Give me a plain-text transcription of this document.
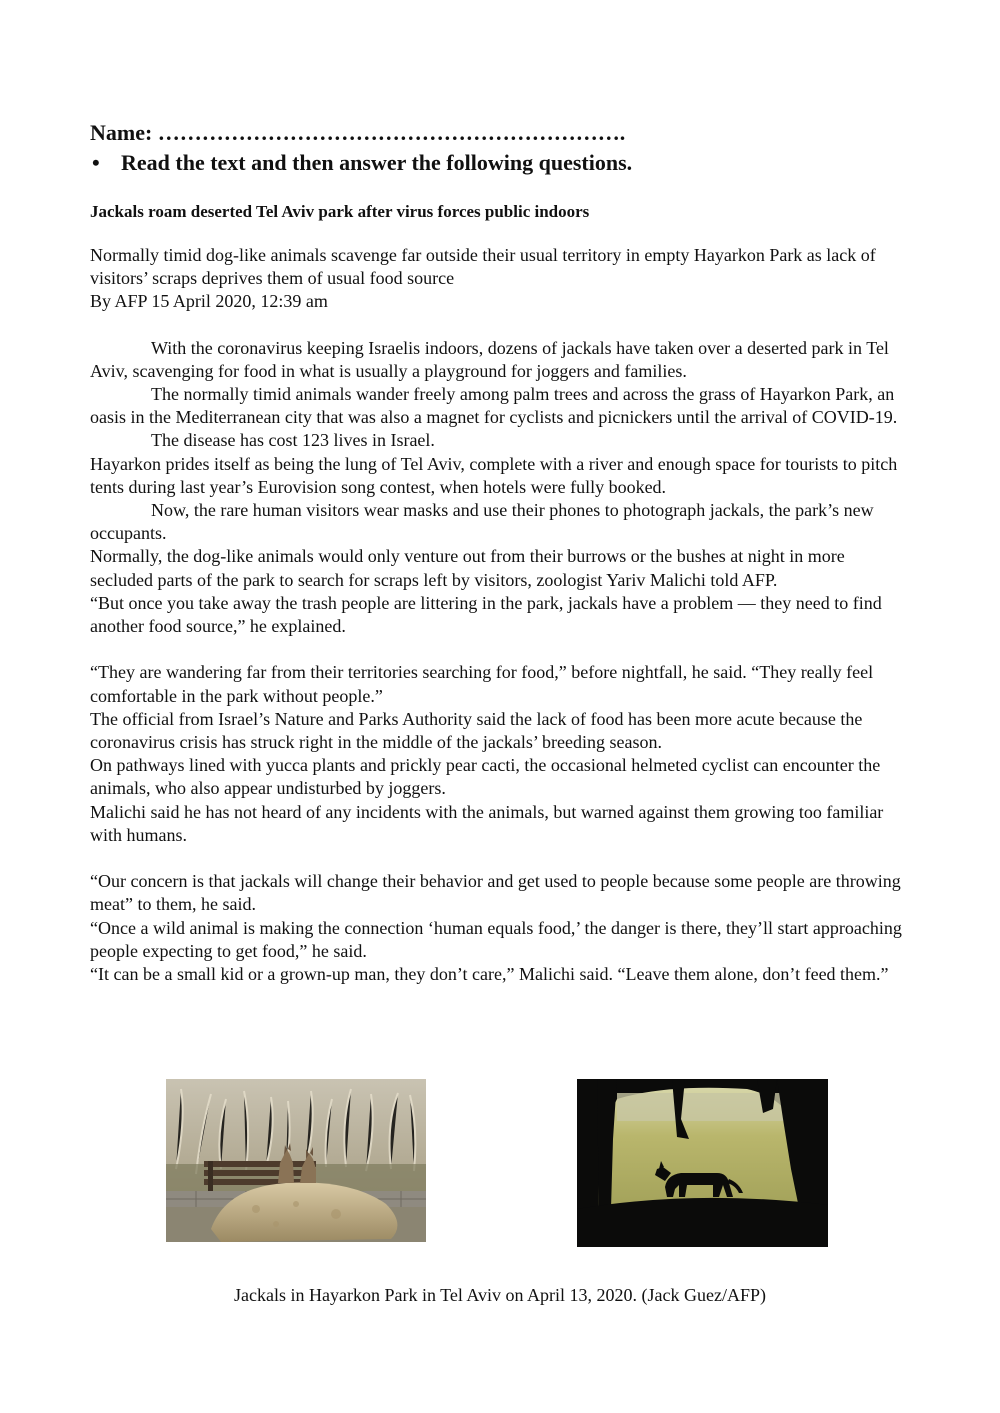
Name: ……………………………………………………….

• Read the text and then answer the following questions.

Jackals roam deserted Tel Aviv park after virus forces public indoors

Normally timid dog-like animals scavenge far outside their usual territory in empty Hayarkon Park as lack of visitors’ scraps deprives them of usual food source

By AFP 15 April 2020, 12:39 am

With the coronavirus keeping Israelis indoors, dozens of jackals have taken over a deserted park in Tel Aviv, scavenging for food in what is usually a playground for joggers and families.

The normally timid animals wander freely among palm trees and across the grass of Hayarkon Park, an oasis in the Mediterranean city that was also a magnet for cyclists and picnickers until the arrival of COVID-19.

The disease has cost 123 lives in Israel.

Hayarkon prides itself as being the lung of Tel Aviv, complete with a river and enough space for tourists to pitch tents during last year’s Eurovision song contest, when hotels were fully booked.

Now, the rare human visitors wear masks and use their phones to photograph jackals, the park’s new occupants.

Normally, the dog-like animals would only venture out from their burrows or the bushes at night in more secluded parts of the park to search for scraps left by visitors, zoologist Yariv Malichi told AFP.

“But once you take away the trash people are littering in the park, jackals have a problem — they need to find another food source,” he explained.

“They are wandering far from their territories searching for food,” before nightfall, he said. “They really feel comfortable in the park without people.”

The official from Israel’s Nature and Parks Authority said the lack of food has been more acute because the coronavirus crisis has struck right in the middle of the jackals’ breeding season.

On pathways lined with yucca plants and prickly pear cacti, the occasional helmeted cyclist can encounter the animals, who also appear undisturbed by joggers.

Malichi said he has not heard of any incidents with the animals, but warned against them growing too familiar with humans.

“Our concern is that jackals will change their behavior and get used to people because some people are throwing meat” to them, he said.

“Once a wild animal is making the connection ‘human equals food,’ the danger is there, they’ll start approaching people expecting to get food,” he said.

“It can be a small kid or a grown-up man, they don’t care,” Malichi said. “Leave them alone, don’t feed them.”

Jackals in Hayarkon Park in Tel Aviv on April 13, 2020. (Jack Guez/AFP)
